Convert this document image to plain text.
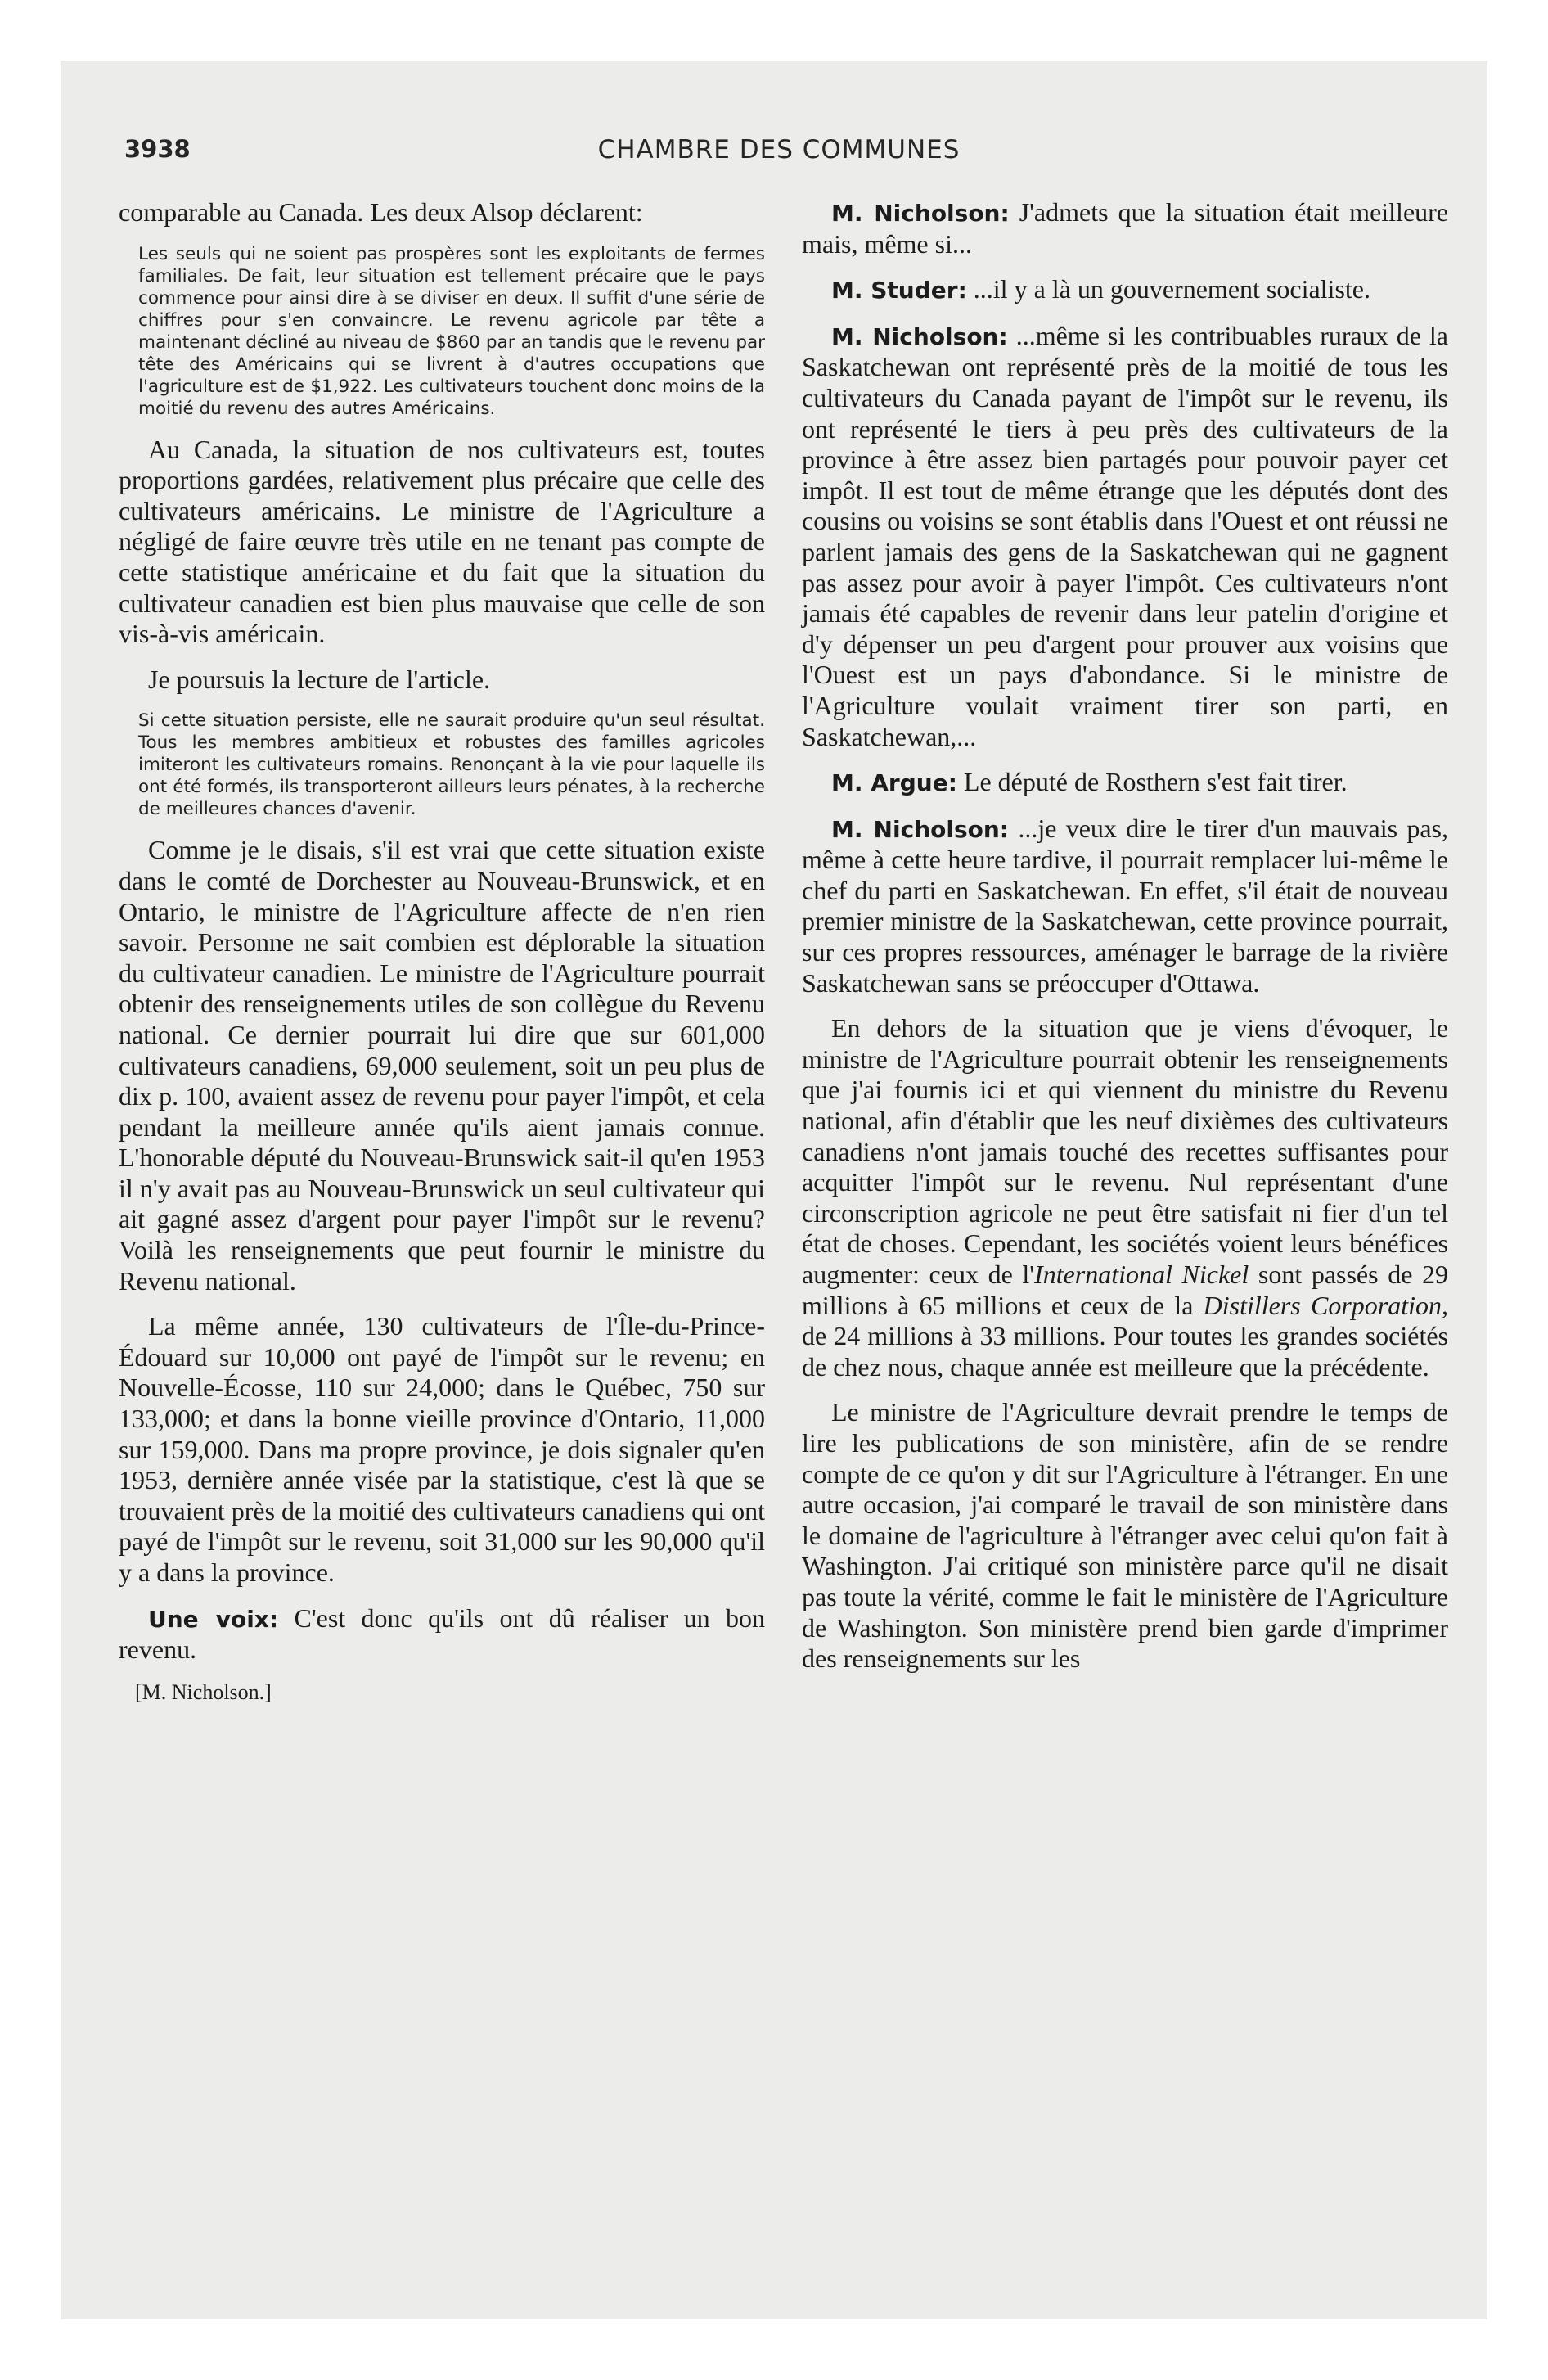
3938	CHAMBRE DES COMMUNES

comparable au Canada. Les deux Alsop déclarent:

Les seuls qui ne soient pas prospères sont les exploitants de fermes familiales. De fait, leur situation est tellement précaire que le pays commence pour ainsi dire à se diviser en deux. Il suffit d'une série de chiffres pour s'en convaincre. Le revenu agricole par tête a maintenant décliné au niveau de $860 par an tandis que le revenu par tête des Américains qui se livrent à d'autres occupations que l'agriculture est de $1,922. Les cultivateurs touchent donc moins de la moitié du revenu des autres Américains.

Au Canada, la situation de nos cultivateurs est, toutes proportions gardées, relativement plus précaire que celle des cultivateurs américains. Le ministre de l'Agriculture a négligé de faire œuvre très utile en ne tenant pas compte de cette statistique américaine et du fait que la situation du cultivateur canadien est bien plus mauvaise que celle de son vis-à-vis américain.

Je poursuis la lecture de l'article.

Si cette situation persiste, elle ne saurait produire qu'un seul résultat. Tous les membres ambitieux et robustes des familles agricoles imiteront les cultivateurs romains. Renonçant à la vie pour laquelle ils ont été formés, ils transporteront ailleurs leurs pénates, à la recherche de meilleures chances d'avenir.

Comme je le disais, s'il est vrai que cette situation existe dans le comté de Dorchester au Nouveau-Brunswick, et en Ontario, le ministre de l'Agriculture affecte de n'en rien savoir. Personne ne sait combien est déplorable la situation du cultivateur canadien. Le ministre de l'Agriculture pourrait obtenir des renseignements utiles de son collègue du Revenu national. Ce dernier pourrait lui dire que sur 601,000 cultivateurs canadiens, 69,000 seulement, soit un peu plus de dix p. 100, avaient assez de revenu pour payer l'impôt, et cela pendant la meilleure année qu'ils aient jamais connue. L'honorable député du Nouveau-Brunswick sait-il qu'en 1953 il n'y avait pas au Nouveau-Brunswick un seul cultivateur qui ait gagné assez d'argent pour payer l'impôt sur le revenu? Voilà les renseignements que peut fournir le ministre du Revenu national.

La même année, 130 cultivateurs de l'Île-du-Prince-Édouard sur 10,000 ont payé de l'impôt sur le revenu; en Nouvelle-Écosse, 110 sur 24,000; dans le Québec, 750 sur 133,000; et dans la bonne vieille province d'Ontario, 11,000 sur 159,000. Dans ma propre province, je dois signaler qu'en 1953, dernière année visée par la statistique, c'est là que se trouvaient près de la moitié des cultivateurs canadiens qui ont payé de l'impôt sur le revenu, soit 31,000 sur les 90,000 qu'il y a dans la province.

Une voix: C'est donc qu'ils ont dû réaliser un bon revenu.

[M. Nicholson.]

M. Nicholson: J'admets que la situation était meilleure mais, même si...

M. Studer: ...il y a là un gouvernement socialiste.

M. Nicholson: ...même si les contribuables ruraux de la Saskatchewan ont représenté près de la moitié de tous les cultivateurs du Canada payant de l'impôt sur le revenu, ils ont représenté le tiers à peu près des cultivateurs de la province à être assez bien partagés pour pouvoir payer cet impôt. Il est tout de même étrange que les députés dont des cousins ou voisins se sont établis dans l'Ouest et ont réussi ne parlent jamais des gens de la Saskatchewan qui ne gagnent pas assez pour avoir à payer l'impôt. Ces cultivateurs n'ont jamais été capables de revenir dans leur patelin d'origine et d'y dépenser un peu d'argent pour prouver aux voisins que l'Ouest est un pays d'abondance. Si le ministre de l'Agriculture voulait vraiment tirer son parti, en Saskatchewan,...

M. Argue: Le député de Rosthern s'est fait tirer.

M. Nicholson: ...je veux dire le tirer d'un mauvais pas, même à cette heure tardive, il pourrait remplacer lui-même le chef du parti en Saskatchewan. En effet, s'il était de nouveau premier ministre de la Saskatchewan, cette province pourrait, sur ces propres ressources, aménager le barrage de la rivière Saskatchewan sans se préoccuper d'Ottawa.

En dehors de la situation que je viens d'évoquer, le ministre de l'Agriculture pourrait obtenir les renseignements que j'ai fournis ici et qui viennent du ministre du Revenu national, afin d'établir que les neuf dixièmes des cultivateurs canadiens n'ont jamais touché des recettes suffisantes pour acquitter l'impôt sur le revenu. Nul représentant d'une circonscription agricole ne peut être satisfait ni fier d'un tel état de choses. Cependant, les sociétés voient leurs bénéfices augmenter: ceux de l'International Nickel sont passés de 29 millions à 65 millions et ceux de la Distillers Corporation, de 24 millions à 33 millions. Pour toutes les grandes sociétés de chez nous, chaque année est meilleure que la précédente.

Le ministre de l'Agriculture devrait prendre le temps de lire les publications de son ministère, afin de se rendre compte de ce qu'on y dit sur l'Agriculture à l'étranger. En une autre occasion, j'ai comparé le travail de son ministère dans le domaine de l'agriculture à l'étranger avec celui qu'on fait à Washington. J'ai critiqué son ministère parce qu'il ne disait pas toute la vérité, comme le fait le ministère de l'Agriculture de Washington. Son ministère prend bien garde d'imprimer des renseignements sur les
